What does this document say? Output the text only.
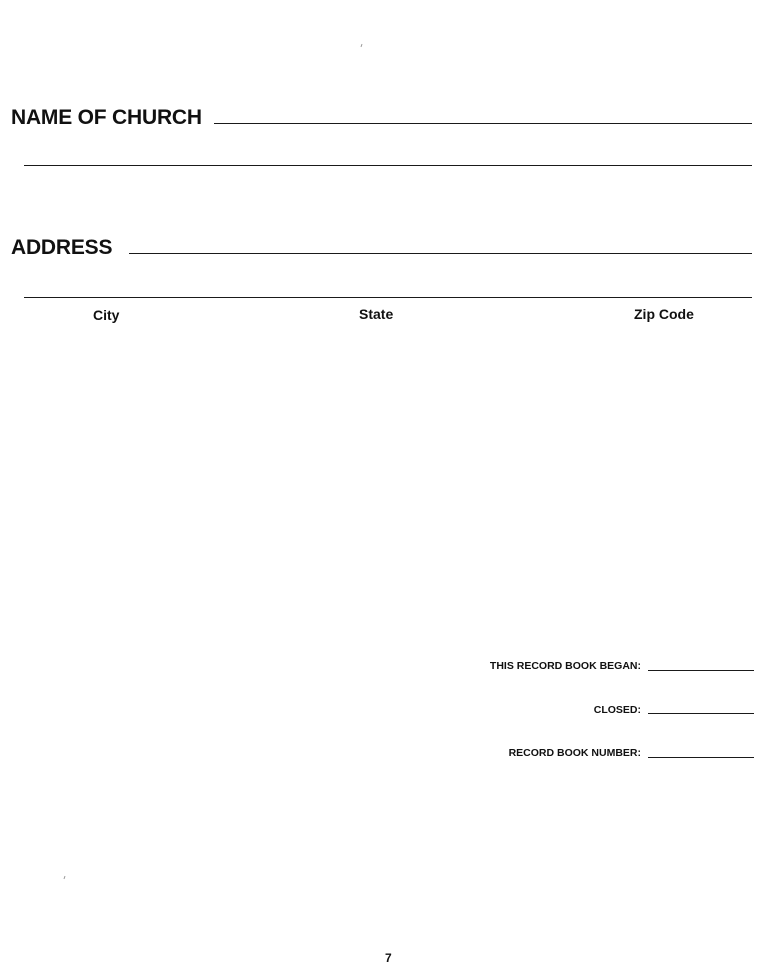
NAME OF CHURCH
ADDRESS
City	State	Zip Code
THIS RECORD BOOK BEGAN:
CLOSED:
RECORD BOOK NUMBER:
7
